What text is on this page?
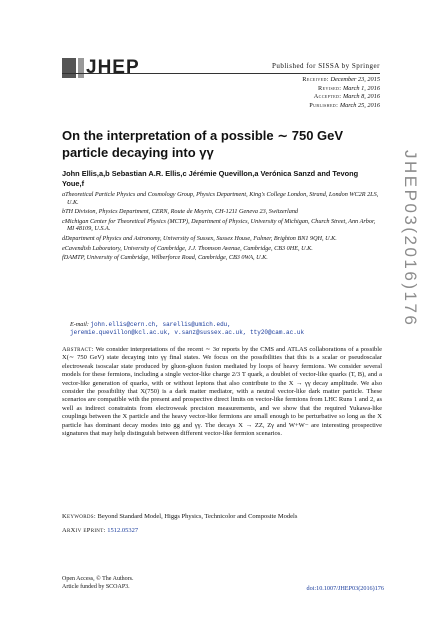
JHEP	Published for SISSA by Springer
Received: December 23, 2015
Revised: March 1, 2016
Accepted: March 8, 2016
Published: March 25, 2016
On the interpretation of a possible ∼ 750 GeV particle decaying into γγ
John Ellis,a,b Sebastian A.R. Ellis,c Jérémie Quevillon,a Verónica Sanzd and Tevong Youe,f
aTheoretical Particle Physics and Cosmology Group, Physics Department, King's College London, Strand, London WC2R 2LS, U.K.
bTH Division, Physics Department, CERN, Route de Meyrin, CH-1211 Geneva 23, Switzerland
cMichigan Center for Theoretical Physics (MCTP), Department of Physics, University of Michigan, Church Street, Ann Arbor, MI 48109, U.S.A.
dDepartment of Physics and Astronomy, University of Sussex, Sussex House, Falmer, Brighton BN1 9QH, U.K.
eCavendish Laboratory, University of Cambridge, J.J. Thomson Avenue, Cambridge, CB3 0HE, U.K.
fDAMTP, University of Cambridge, Wilberforce Road, Cambridge, CB3 0WA, U.K.
E-mail: john.ellis@cern.ch, sarellis@umich.edu,
jeremie.quevillon@kcl.ac.uk, v.sanz@sussex.ac.uk, tty20@cam.ac.uk
Abstract: We consider interpretations of the recent ∼ 3σ reports by the CMS and ATLAS collaborations of a possible X(∼ 750 GeV) state decaying into γγ final states. We focus on the possibilities that this is a scalar or pseudoscalar electroweak isoscalar state produced by gluon-gluon fusion mediated by loops of heavy fermions. We consider several models for these fermions, including a single vector-like charge 2/3 T quark, a doublet of vector-like quarks (T, B), and a vector-like generation of quarks, with or without leptons that also contribute to the X → γγ decay amplitude. We also consider the possibility that X(750) is a dark matter mediator, with a neutral vector-like dark matter particle. These scenarios are compatible with the present and prospective direct limits on vector-like fermions from LHC Runs 1 and 2, as well as indirect constraints from electroweak precision measurements, and we show that the required Yukawa-like couplings between the X particle and the heavy vector-like fermions are small enough to be perturbative so long as the X particle has dominant decay modes into gg and γγ. The decays X → ZZ, Zγ and W+W− are interesting prospective signatures that may help distinguish between different vector-like fermion scenarios.
Keywords: Beyond Standard Model, Higgs Physics, Technicolor and Composite Models
ArXiv ePrint: 1512.05327
Open Access, © The Authors.
Article funded by SCOAP3.	doi:10.1007/JHEP03(2016)176
JHEP03(2016)176
